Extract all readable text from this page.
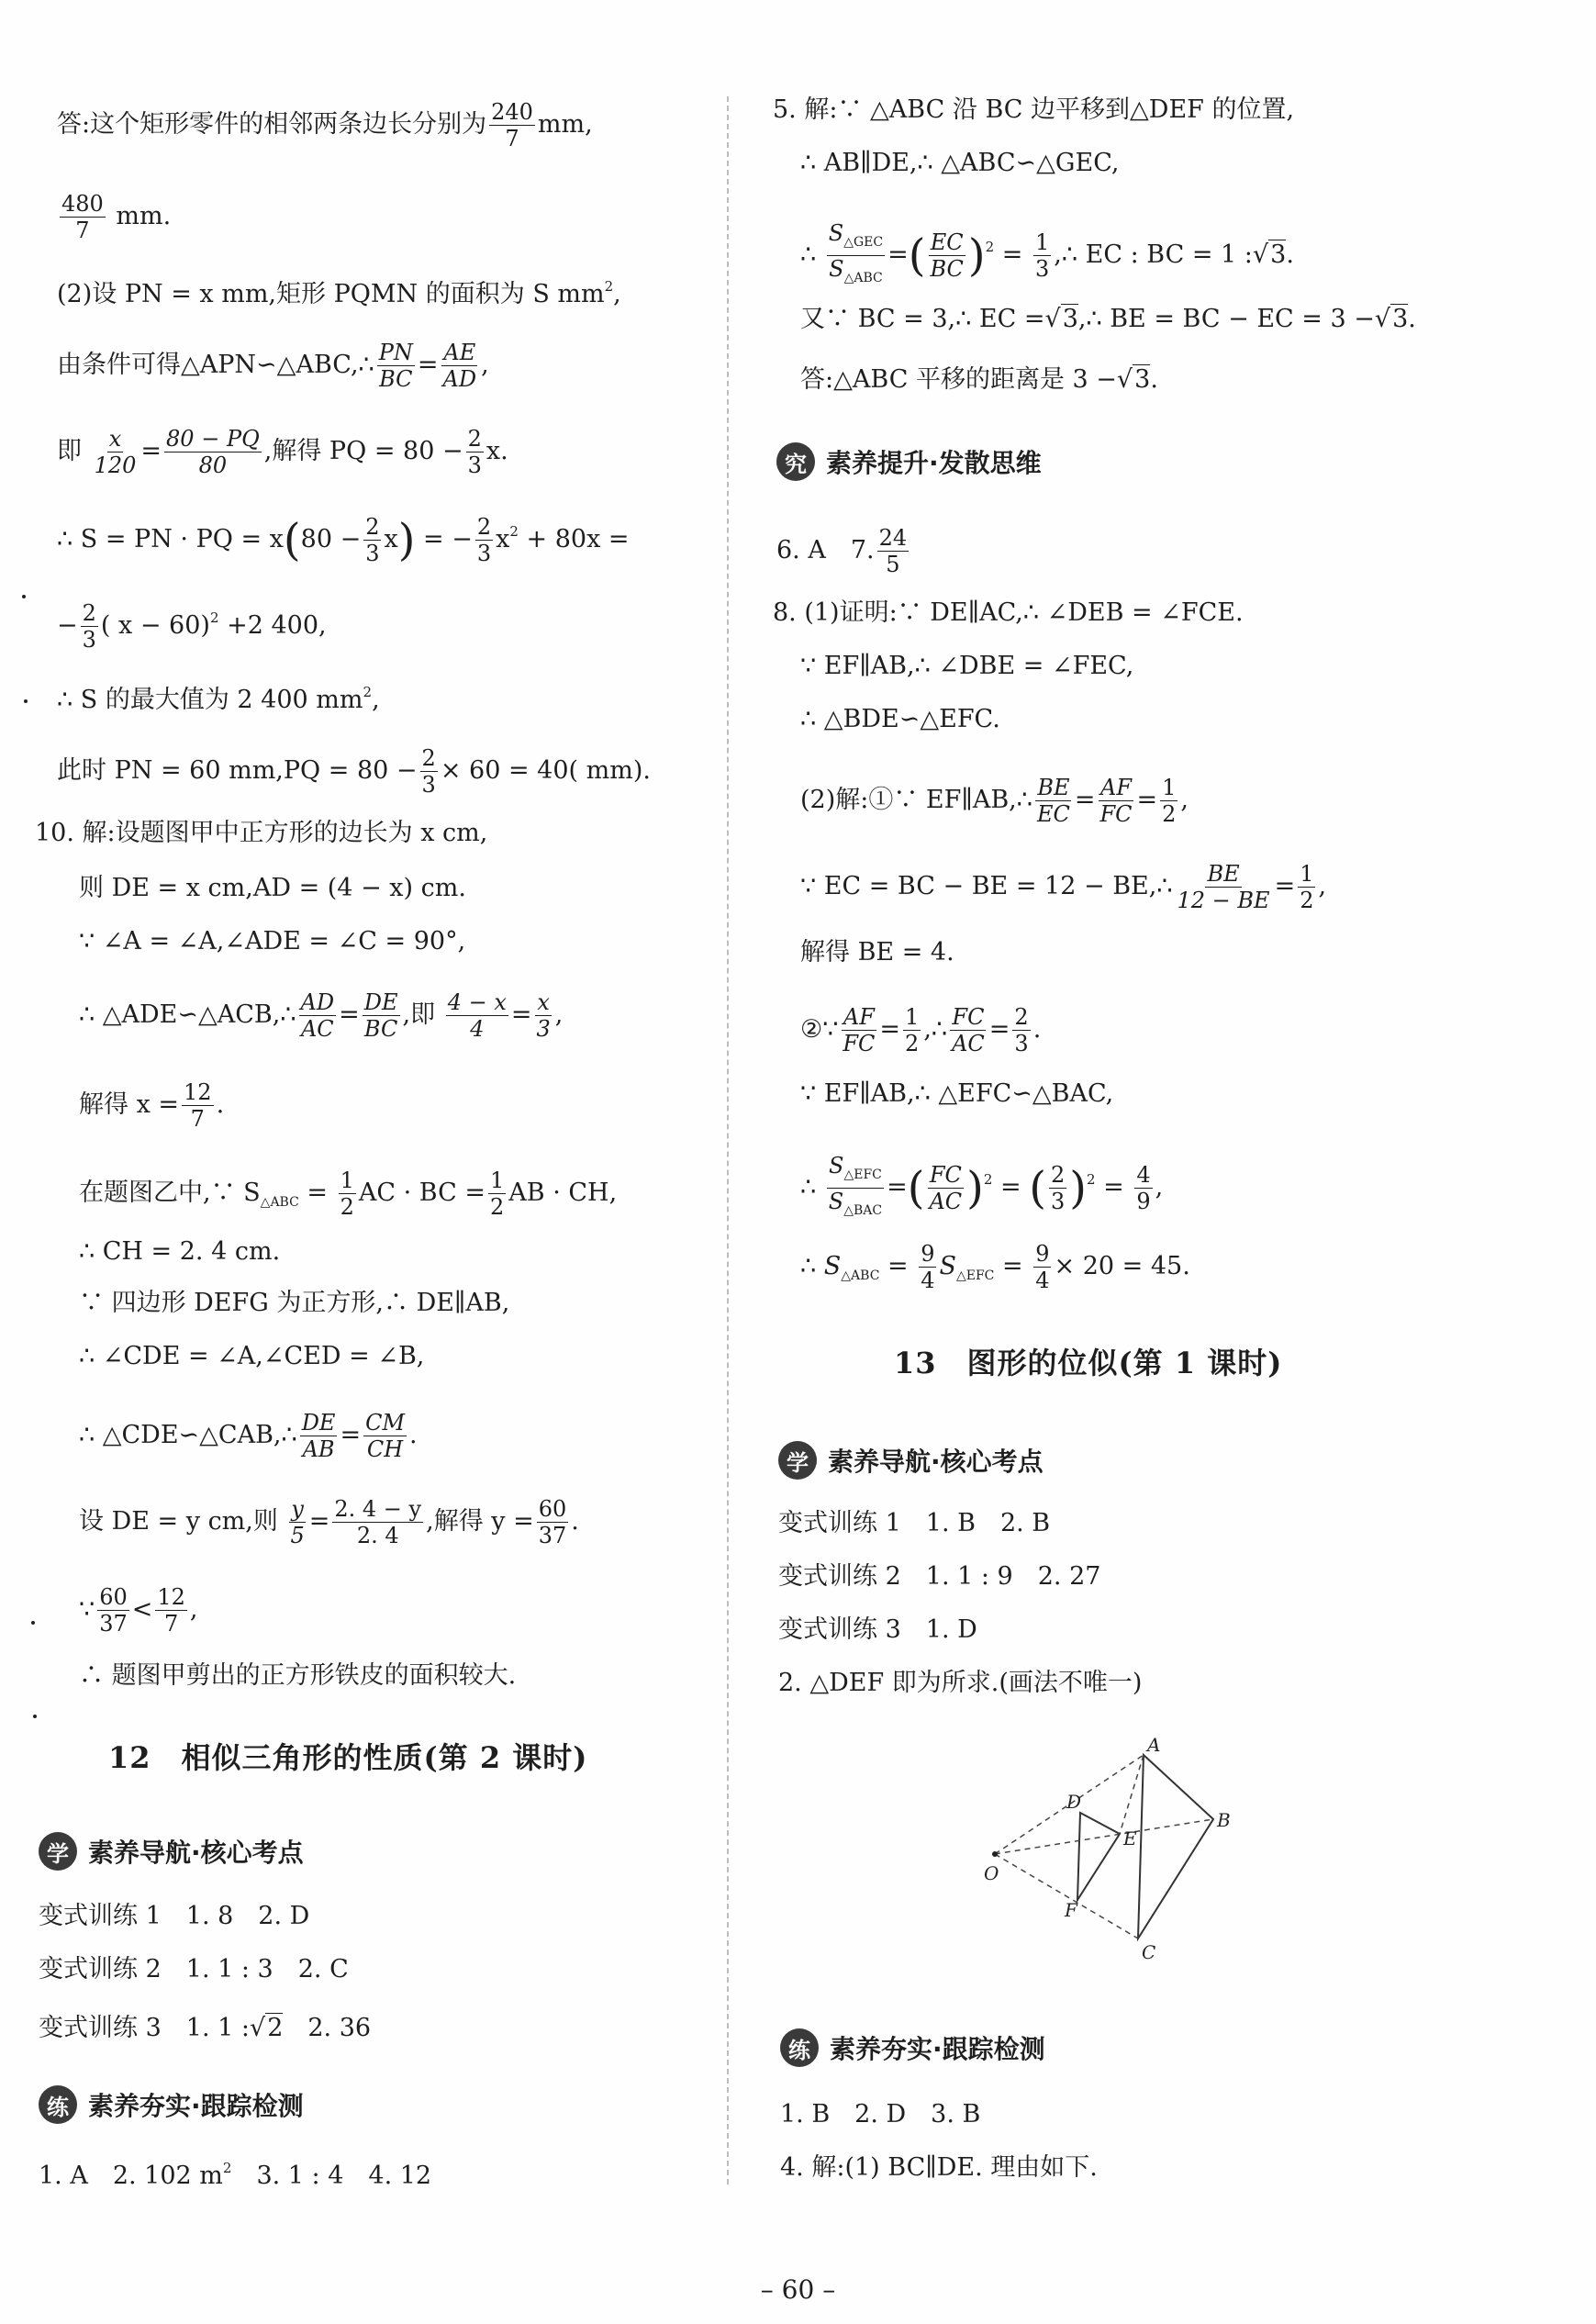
答:这个矩形零件的相邻两条边长分别为 $\frac{240}{7}$ mm,
$\frac{480}{7}$ mm.
(2)设 PN = x mm,矩形 PQMN 的面积为 S $mm^2$,
由条件可得△APN∽△ABC,∴ $\frac{PN}{BC} = \frac{AE}{AD}$ ,
即 $\frac{x}{120} = \frac{80 - PQ}{80}$ ,解得 PQ = $80 - \frac{2}{3} x$.
∴ S = PN · PQ = $x(80 - \frac{2}{3} x)$ = − $\frac{2}{3} x^2 + 80x$ =
− $\frac{2}{3}$ ( x − 60)$^2$ +2 400,
∴ S 的最大值为 2 400 $mm^2$,
此时 PN = 60 $mm,PQ = 80 - \frac{2}{3} \times 60 = 40$( mm).
10. 解:设题图甲中正方形的边长为 x cm,
则 DE = x cm,AD = (4 − x) cm.
∵ ∠A = ∠A,∠ADE = ∠C = 90°,
∴ △ADE∽△ACB,∴ $\frac{AD}{AC} = \frac{DE}{BC}$ ,即 $\frac{4 - x}{4} = \frac{x}{3}$ ,
解得 $x = \frac{12}{7}$ .
在题图乙中,∵ $S_{\triangle ABC} = \frac{1}{2}$ AC · BC = $\frac{1}{2}$ AB · CH,
∴ CH = 2. 4 cm.
∵ 四边形 DEFG 为正方形,∴ DE∥AB,
∴ ∠CDE = ∠A,∠CED = ∠B,
∴ △CDE∽△CAB,∴ $\frac{DE}{AB} = \frac{CM}{CH}$ .
设 DE = y cm,则 $\frac{y}{5} = \frac{2. 4 - y}{2. 4}$ ,解得 $y = \frac{60}{37}$ .
∵ $\frac{60}{37} < \frac{12}{7}$ ,
∴ 题图甲剪出的正方形铁皮的面积较大.
12　相似三角形的性质(第 2 课时)
学 素养导航·核心考点
变式训练 1　1. 8　2. D
变式训练 2　1. 1 : 3　2. C
变式训练 3　1. 1 :√2　 2. 36
练 素养夯实·跟踪检测
1. A　2. 102 $m^2$　 3. 1 : 4　4. 12
5. 解:∵ △ABC 沿 BC 边平移到△DEF 的位置,
∴ AB∥DE,∴ △ABC∽△GEC,
∴ $\frac{S_{\triangle GEC}}{S_{\triangle ABC}}$ =( $\frac{EC}{BC} )^2 = \frac{1}{3}$ ,∴ EC : BC = 1 :√3.
又∵ BC = 3,∴ EC =√3,∴ BE = BC − EC = 3 −√3.
答:△ABC 平移的距离是 3 −√3.
究 素养提升·发散思维
6. A　7. $\frac{24}{5}$
8. (1)证明:∵ DE∥AC,∴ ∠DEB = ∠FCE.
∵ EF∥AB,∴ ∠DBE = ∠FEC,
∴ △BDE∽△EFC.
(2)解:①∵ EF∥AB,∴ $\frac{BE}{EC} = \frac{AF}{FC} = \frac{1}{2}$ ,
∵ EC = BC − BE = 12 − BE,∴ $\frac{BE}{12 - BE} = \frac{1}{2}$ ,
解得 BE = 4.
②∵ $\frac{AF}{FC} = \frac{1}{2}$ ,∴ $\frac{FC}{AC} = \frac{2}{3}$ .
∵ EF∥AB,∴ △EFC∽△BAC,
∴ $\frac{S_{\triangle EFC}}{S_{\triangle BAC}}$ =( $\frac{FC}{AC} )^2$ = ( $\frac{2}{3} )^2 = \frac{4}{9}$ ,
∴ $S_{\triangle ABC} = \frac{9}{4} S_{\triangle EFC} = \frac{9}{4} \times 20 = 45$.
13　图形的位似(第 1 课时)
学 素养导航·核心考点
变式训练 1　1. B　2. B
变式训练 2　1. 1 : 9　2. 27
变式训练 3　1. D
2. △DEF 即为所求.(画法不唯一)
A
B
C
D
E
F
O
练 素养夯实·跟踪检测
1. B　2. D　3. B
4. 解:(1) BC∥DE. 理由如下.
– 60 –
